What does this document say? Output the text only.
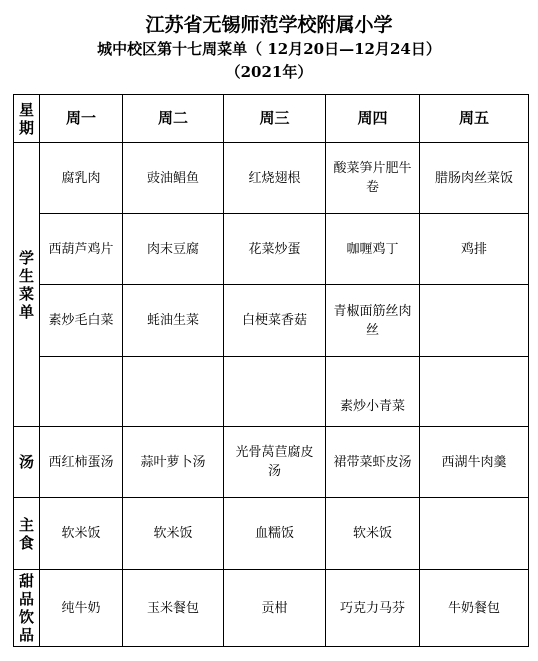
江苏省无锡师范学校附属小学
城中校区第十七周菜单（ 12月20日—12月24日）
（2021年）
星期	周一	周二	周三	周四	周五
学生菜单	腐乳肉	豉油鲳鱼	红烧翅根	酸菜笋片肥牛卷	腊肠肉丝菜饭
	西葫芦鸡片	肉末豆腐	花菜炒蛋	咖喱鸡丁	鸡排
	素炒毛白菜	蚝油生菜	白梗菜香菇	青椒面筋丝肉丝	
				素炒小青菜	
汤	西红柿蛋汤	蒜叶萝卜汤	光骨莴苣腐皮汤	裙带菜虾皮汤	西湖牛肉羹
主食	软米饭	软米饭	血糯饭	软米饭	
甜品饮品	纯牛奶	玉米餐包	贡柑	巧克力马芬	牛奶餐包
